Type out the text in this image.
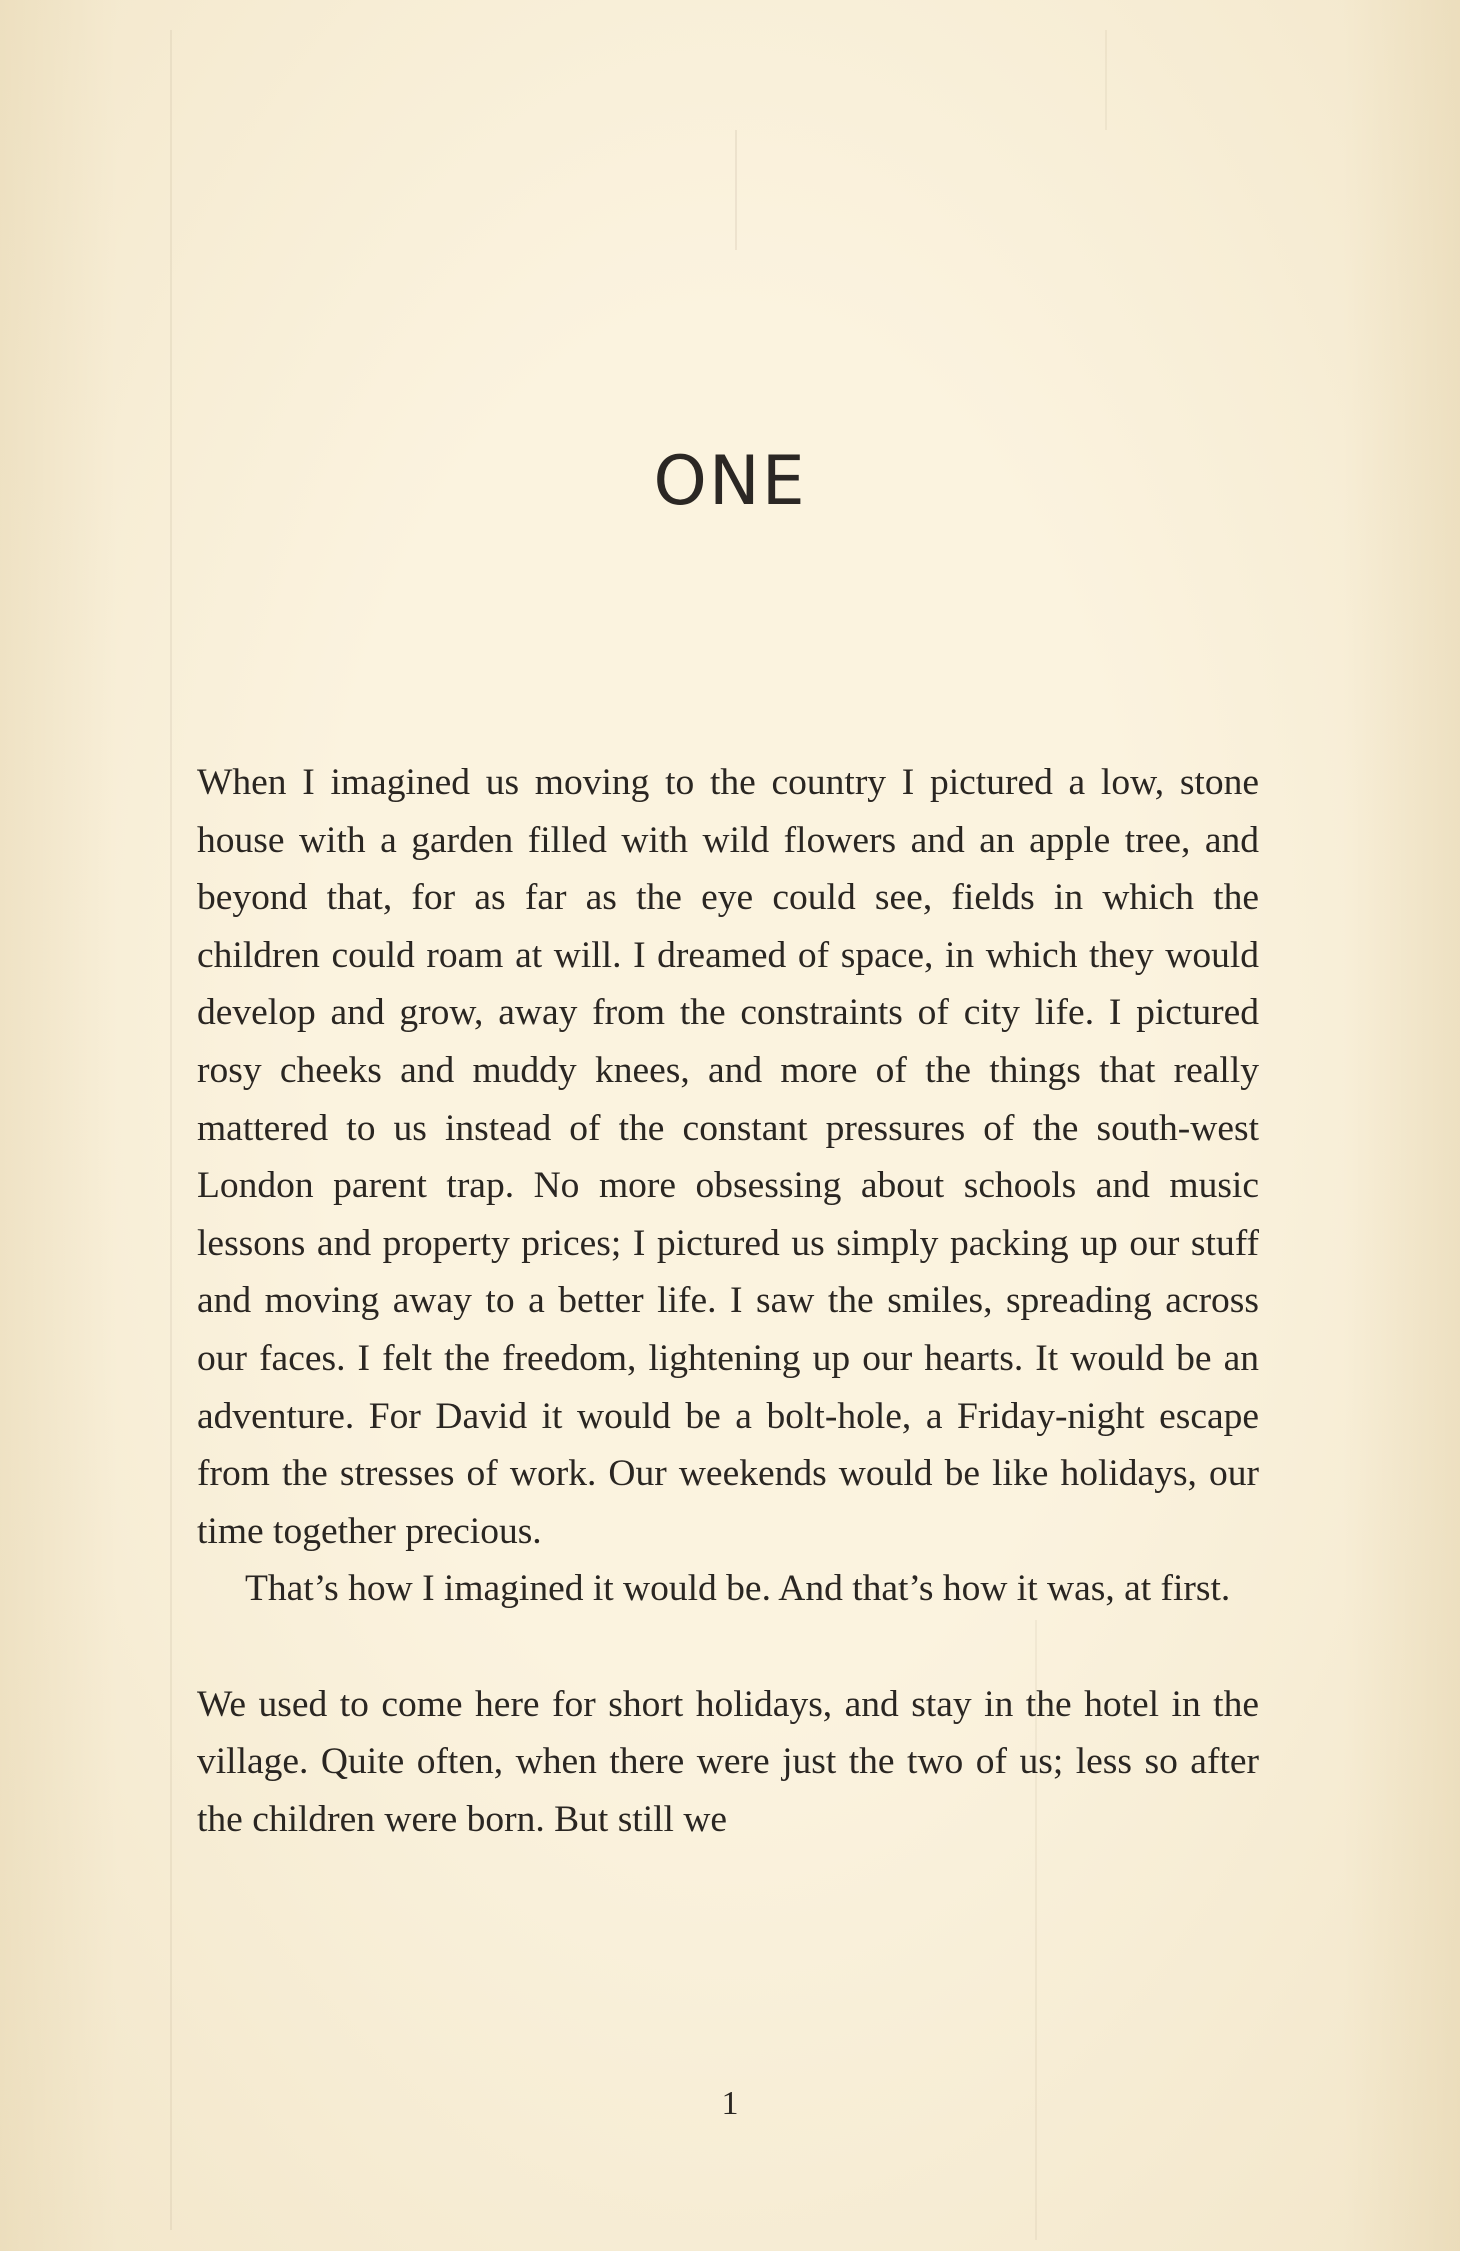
ONE

When I imagined us moving to the country I pictured a low, stone house with a garden filled with wild flowers and an apple tree, and beyond that, for as far as the eye could see, fields in which the children could roam at will. I dreamed of space, in which they would develop and grow, away from the constraints of city life. I pictured rosy cheeks and muddy knees, and more of the things that really mattered to us instead of the constant pressures of the south-west London parent trap. No more obsessing about schools and music lessons and property prices; I pictured us simply packing up our stuff and moving away to a better life. I saw the smiles, spreading across our faces. I felt the freedom, lightening up our hearts. It would be an adventure. For David it would be a bolt-hole, a Friday-night escape from the stresses of work. Our weekends would be like holidays, our time together precious.

That’s how I imagined it would be. And that’s how it was, at first.

We used to come here for short holidays, and stay in the hotel in the village. Quite often, when there were just the two of us; less so after the children were born. But still we

1
